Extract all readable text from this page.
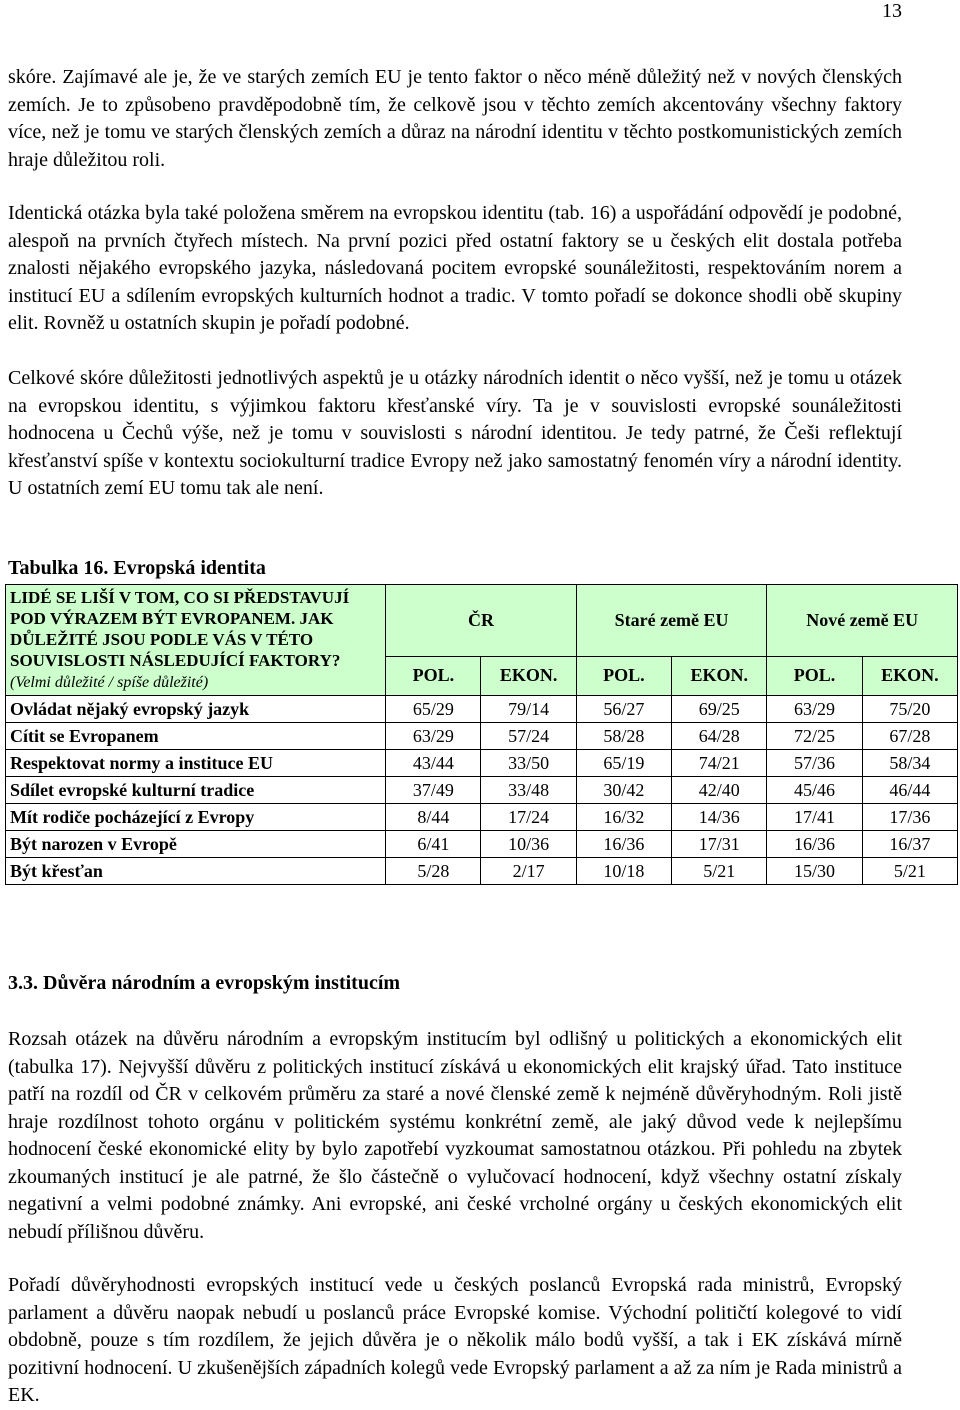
13

skóre. Zajímavé ale je, že ve starých zemích EU je tento faktor o něco méně důležitý než v nových členských zemích. Je to způsobeno pravděpodobně tím, že celkově jsou v těchto zemích akcentovány všechny faktory více, než je tomu ve starých členských zemích a důraz na národní identitu v těchto postkomunistických zemích hraje důležitou roli.

Identická otázka byla také položena směrem na evropskou identitu (tab. 16) a uspořádání odpovědí je podobné, alespoň na prvních čtyřech místech. Na první pozici před ostatní faktory se u českých elit dostala potřeba znalosti nějakého evropského jazyka, následovaná pocitem evropské sounáležitosti, respektováním norem a institucí EU a sdílením evropských kulturních hodnot a tradic. V tomto pořadí se dokonce shodli obě skupiny elit. Rovněž u ostatních skupin je pořadí podobné.

Celkové skóre důležitosti jednotlivých aspektů je u otázky národních identit o něco vyšší, než je tomu u otázek na evropskou identitu, s výjimkou faktoru křesťanské víry. Ta je v souvislosti evropské sounáležitosti hodnocena u Čechů výše, než je tomu v souvislosti s národní identitou. Je tedy patrné, že Češi reflektují křesťanství spíše v kontextu sociokulturní tradice Evropy než jako samostatný fenomén víry a národní identity. U ostatních zemí EU tomu tak ale není.

Tabulka 16. Evropská identita
LIDÉ SE LIŠÍ V TOM, CO SI PŘEDSTAVUJÍ POD VÝRAZEM BÝT EVROPANEM. JAK DŮLEŽITÉ JSOU PODLE VÁS V TÉTO SOUVISLOSTI NÁSLEDUJÍCÍ FAKTORY? (Velmi důležité / spíše důležité)	ČR		Staré země EU		Nové země EU	
	POL.	EKON.	POL.	EKON.	POL.	EKON.
Ovládat nějaký evropský jazyk	65/29	79/14	56/27	69/25	63/29	75/20
Cítit se Evropanem	63/29	57/24	58/28	64/28	72/25	67/28
Respektovat normy a instituce EU	43/44	33/50	65/19	74/21	57/36	58/34
Sdílet evropské kulturní tradice	37/49	33/48	30/42	42/40	45/46	46/44
Mít rodiče pocházející z Evropy	8/44	17/24	16/32	14/36	17/41	17/36
Být narozen v Evropě	6/41	10/36	16/36	17/31	16/36	16/37
Být křesťan	5/28	2/17	10/18	5/21	15/30	5/21
3.3. Důvěra národním a evropským institucím

Rozsah otázek na důvěru národním a evropským institucím byl odlišný u politických a ekonomických elit (tabulka 17). Nejvyšší důvěru z politických institucí získává u ekonomických elit krajský úřad. Tato instituce patří na rozdíl od ČR v celkovém průměru za staré a nové členské země k nejméně důvěryhodným. Roli jistě hraje rozdílnost tohoto orgánu v politickém systému konkrétní země, ale jaký důvod vede k nejlepšímu hodnocení české ekonomické elity by bylo zapotřebí vyzkoumat samostatnou otázkou. Při pohledu na zbytek zkoumaných institucí je ale patrné, že šlo částečně o vylučovací hodnocení, když všechny ostatní získaly negativní a velmi podobné známky. Ani evropské, ani české vrcholné orgány u českých ekonomických elit nebudí přílišnou důvěru.

Pořadí důvěryhodnosti evropských institucí vede u českých poslanců Evropská rada ministrů, Evropský parlament a důvěru naopak nebudí u poslanců práce Evropské komise. Východní političtí kolegové to vidí obdobně, pouze s tím rozdílem, že jejich důvěra je o několik málo bodů vyšší, a tak i EK získává mírně pozitivní hodnocení. U zkušenějších západních kolegů vede Evropský parlament a až za ním je Rada ministrů a EK.
